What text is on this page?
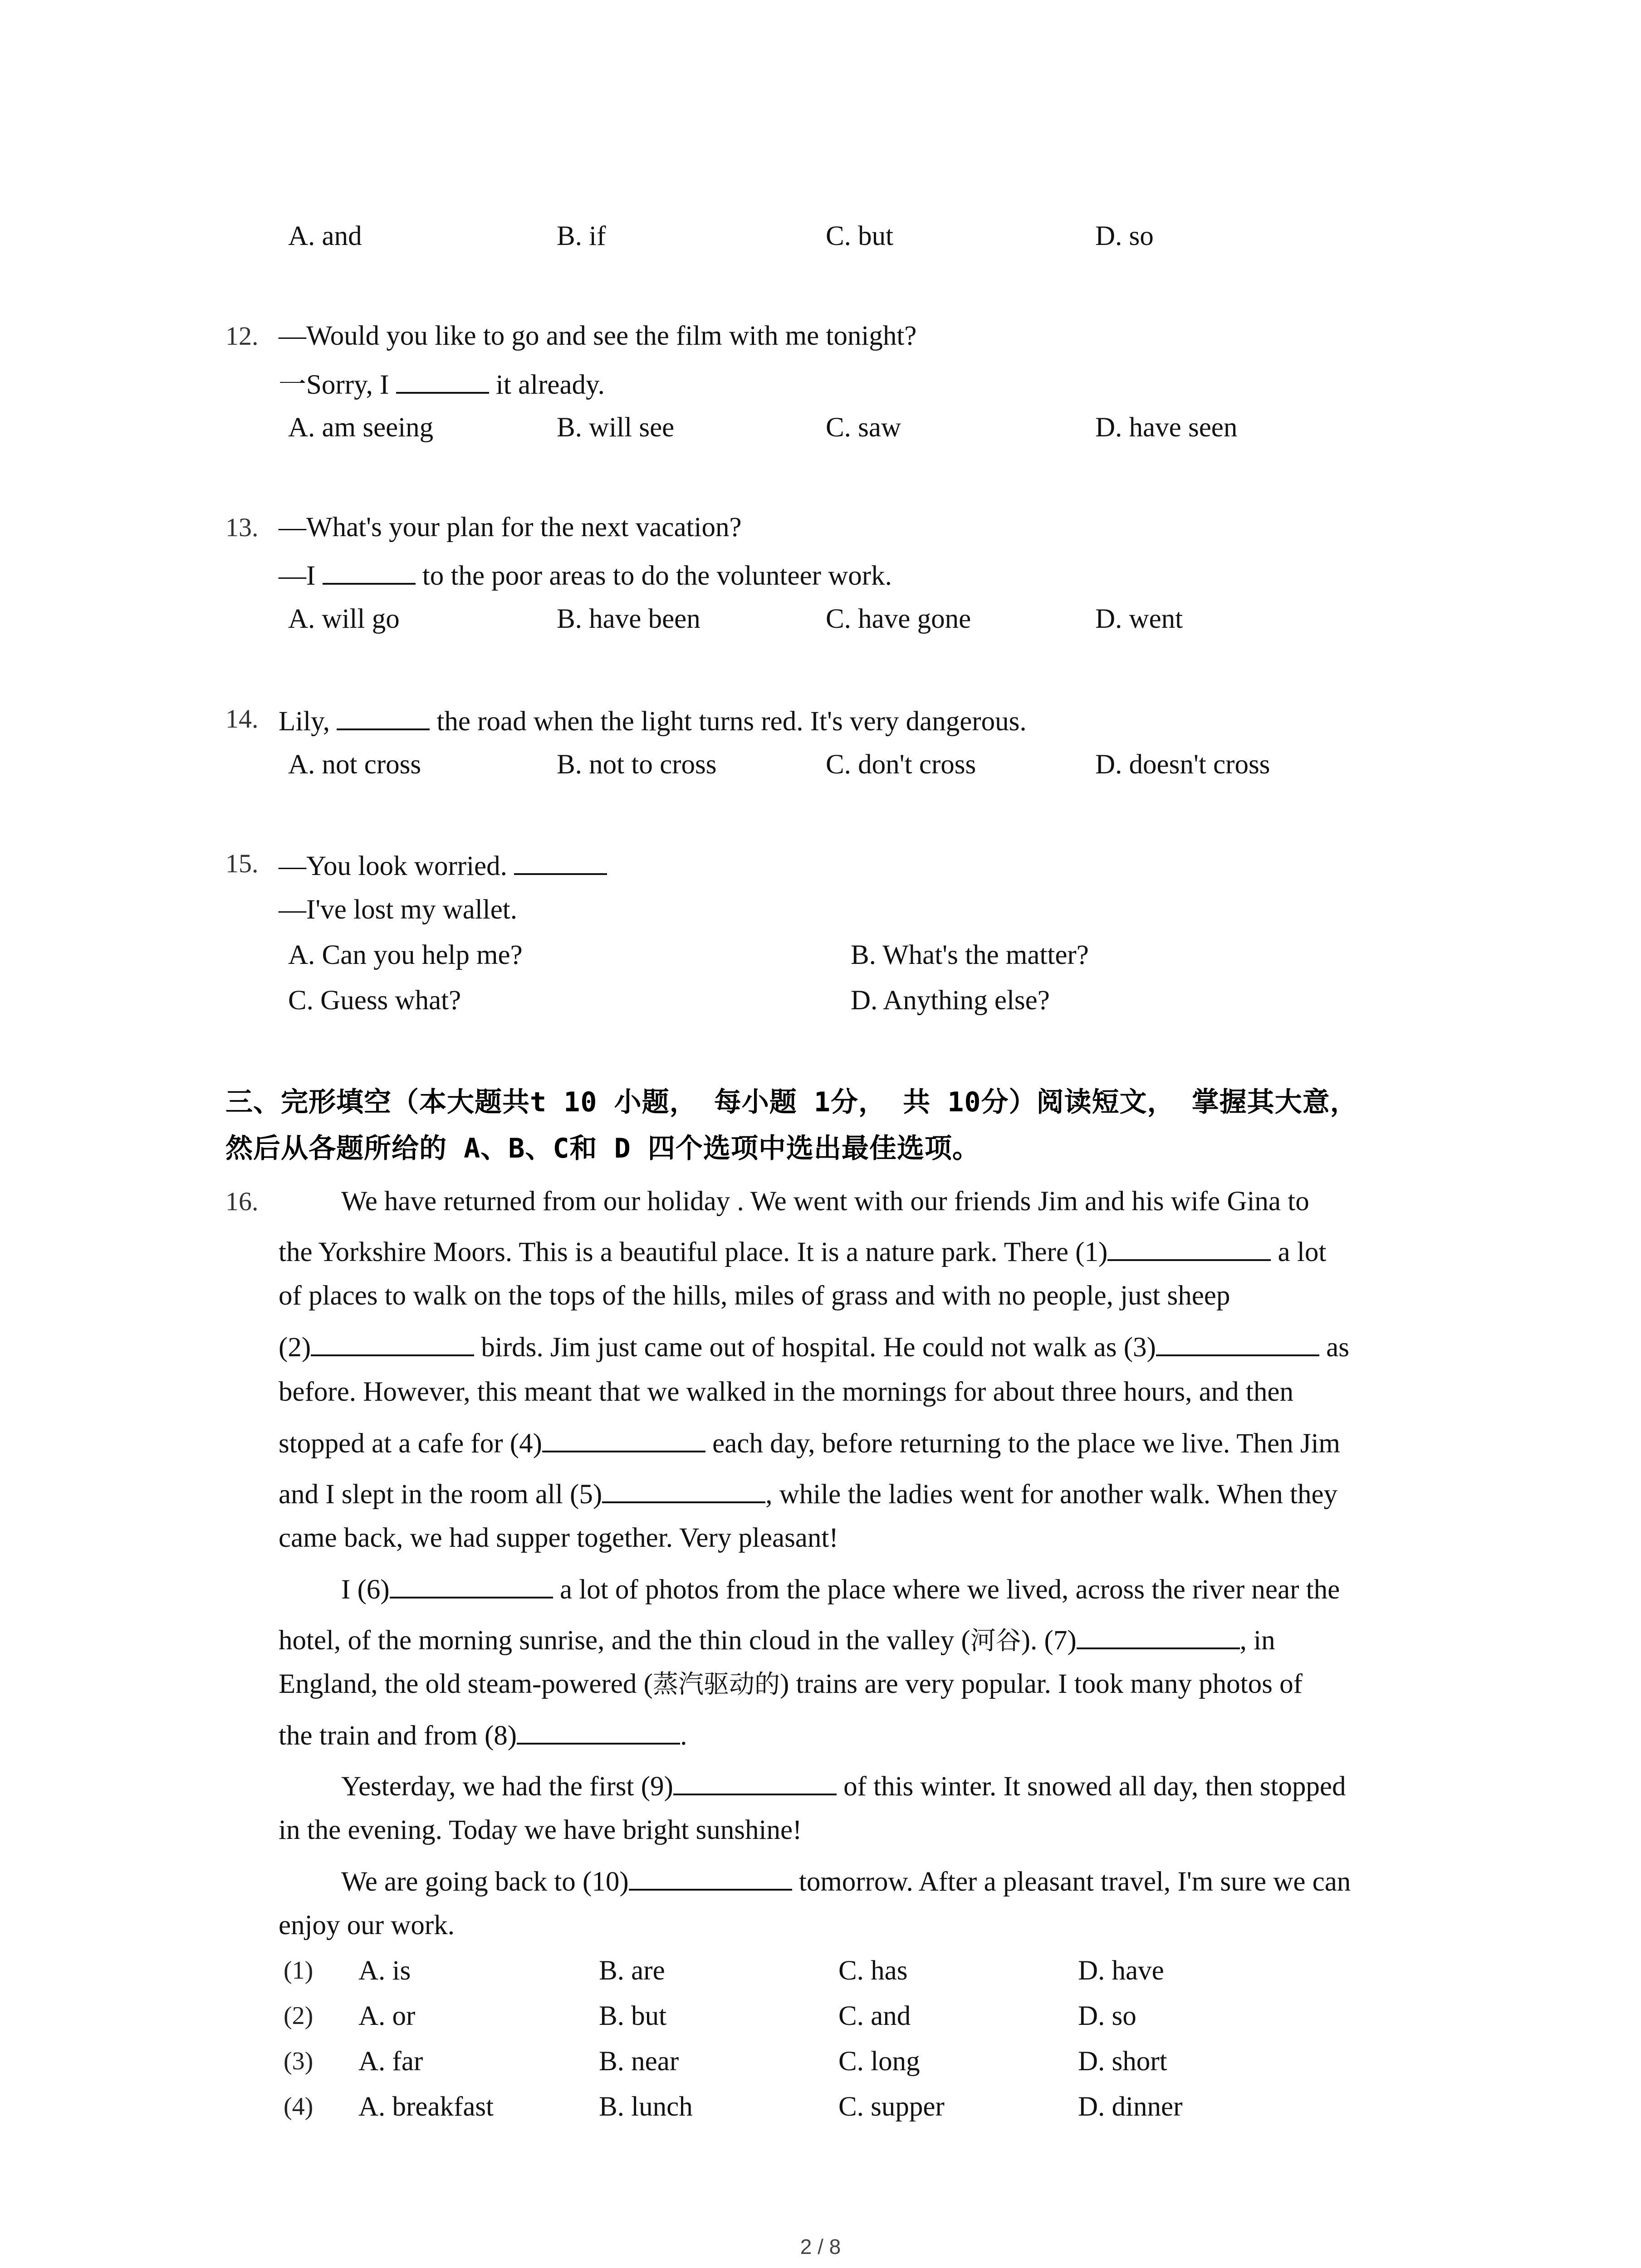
A. and	B. if	C. but	D. so
12. —Would you like to go and see the film with me tonight?
一Sorry, I	it already.
A. am seeing	B. will see	C. saw	D. have seen
13. —What's your plan for the next vacation?
—I	to the poor areas to do the volunteer work.
A. will go	B. have been	C. have gone	D. went
14. Lily,	the road when the light turns red. It's very dangerous.
A. not cross	B. not to cross	C. don't cross	D. doesn't cross
15. —You look worried.
—I've lost my wallet.
A. Can you help me?	B. What's the matter?
C. Guess what?	D. Anything else?
三、完形填空（本大题共t 10 小题， 每小题 1分， 共 10分）阅读短文， 掌握其大意，
然后从各题所给的 A、B、C和 D 四个选项中选出最佳选项。
16.	We have returned from our holiday . We went with our friends Jim and his wife Gina to
the Yorkshire Moors. This is a beautiful place. It is a nature park. There (1)	a lot
of places to walk on the tops of the hills, miles of grass and with no people, just sheep
(2)	birds. Jim just came out of hospital. He could not walk as (3)	as
before. However, this meant that we walked in the mornings for about three hours, and then
stopped at a cafe for (4)	each day, before returning to the place we live. Then Jim
and I slept in the room all (5)	, while the ladies went for another walk. When they
came back, we had supper together. Very pleasant!
I (6)	a lot of photos from the place where we lived, across the river near the
hotel, of the morning sunrise, and the thin cloud in the valley (河谷). (7)	, in
England, the old steam-powered (蒸汽驱动的) trains are very popular. I took many photos of
the train and from (8)	.
Yesterday, we had the first (9)	of this winter. It snowed all day, then stopped
in the evening. Today we have bright sunshine!
We are going back to (10)	tomorrow. After a pleasant travel, I'm sure we can
enjoy our work.
(1) A. is	B. are	C. has	D. have
(2) A. or	B. but	C. and	D. so
(3) A. far	B. near	C. long	D. short
(4) A. breakfast	B. lunch	C. supper	D. dinner
2 / 8
